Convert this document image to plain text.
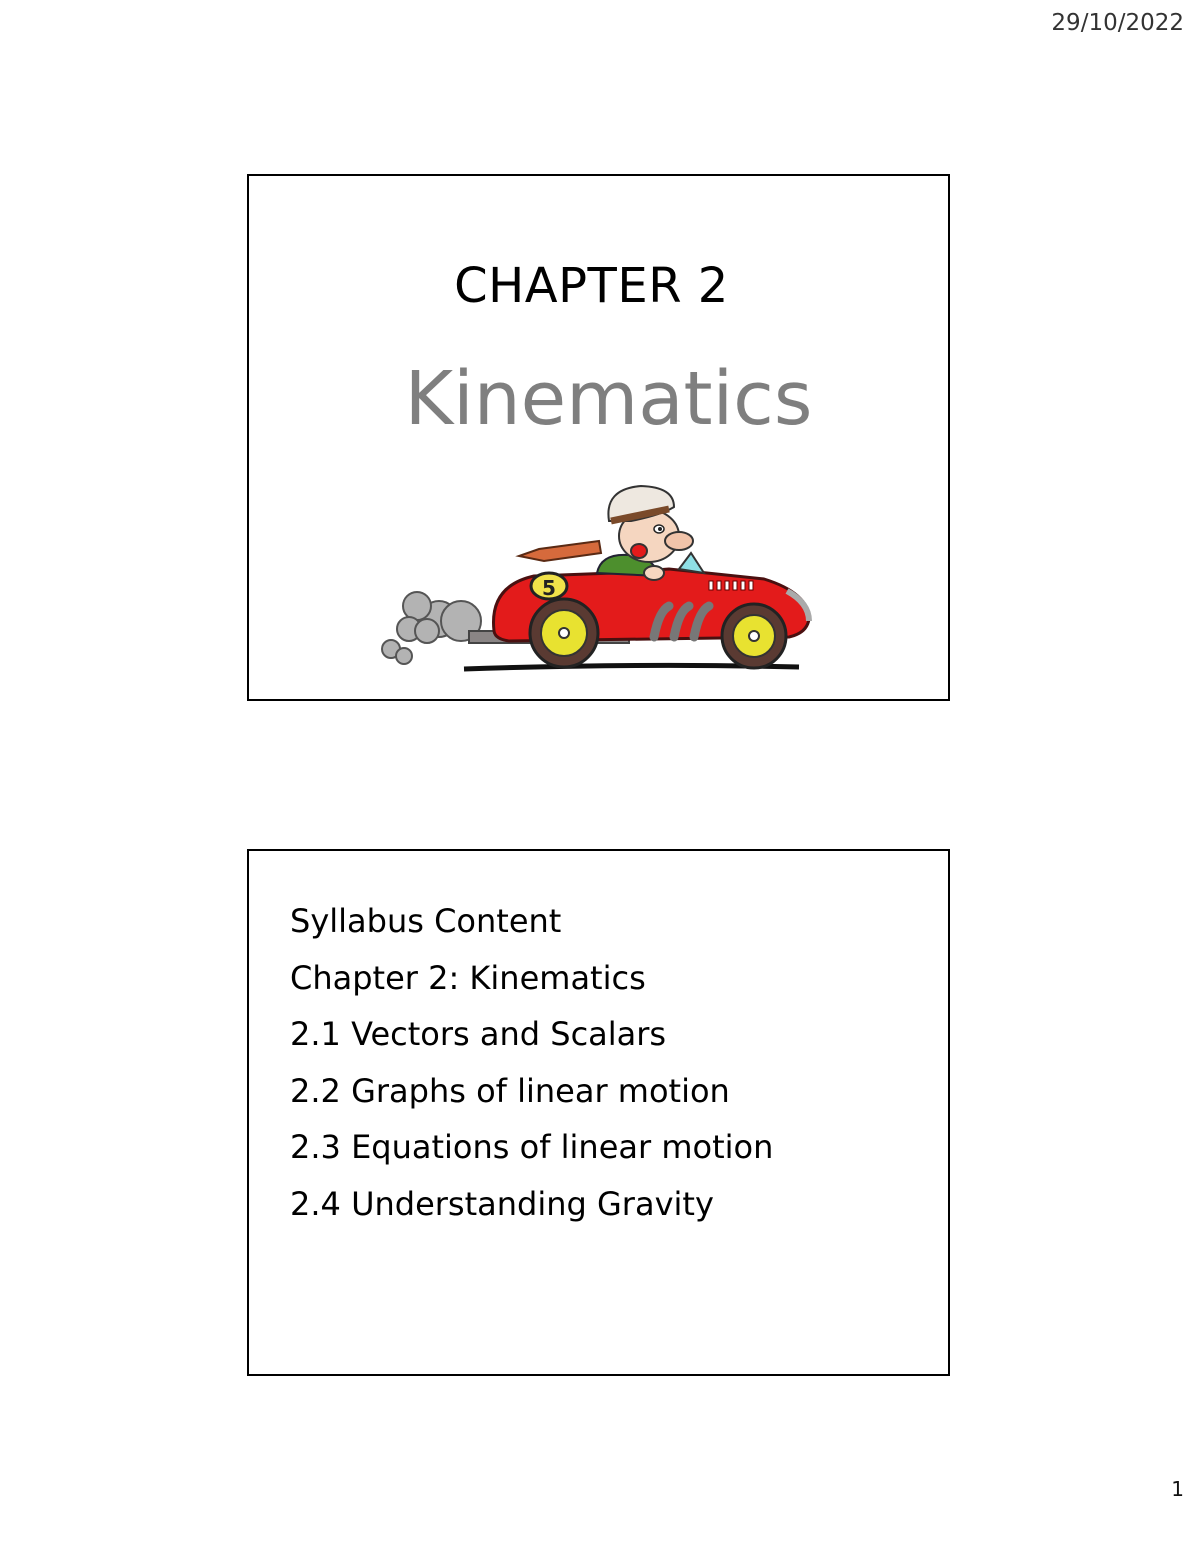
29/10/2022
CHAPTER 2
Kinematics
5
Syllabus Content
Chapter 2: Kinematics
2.1 Vectors and Scalars
2.2 Graphs of linear motion
2.3 Equations of linear motion
2.4 Understanding Gravity
1
